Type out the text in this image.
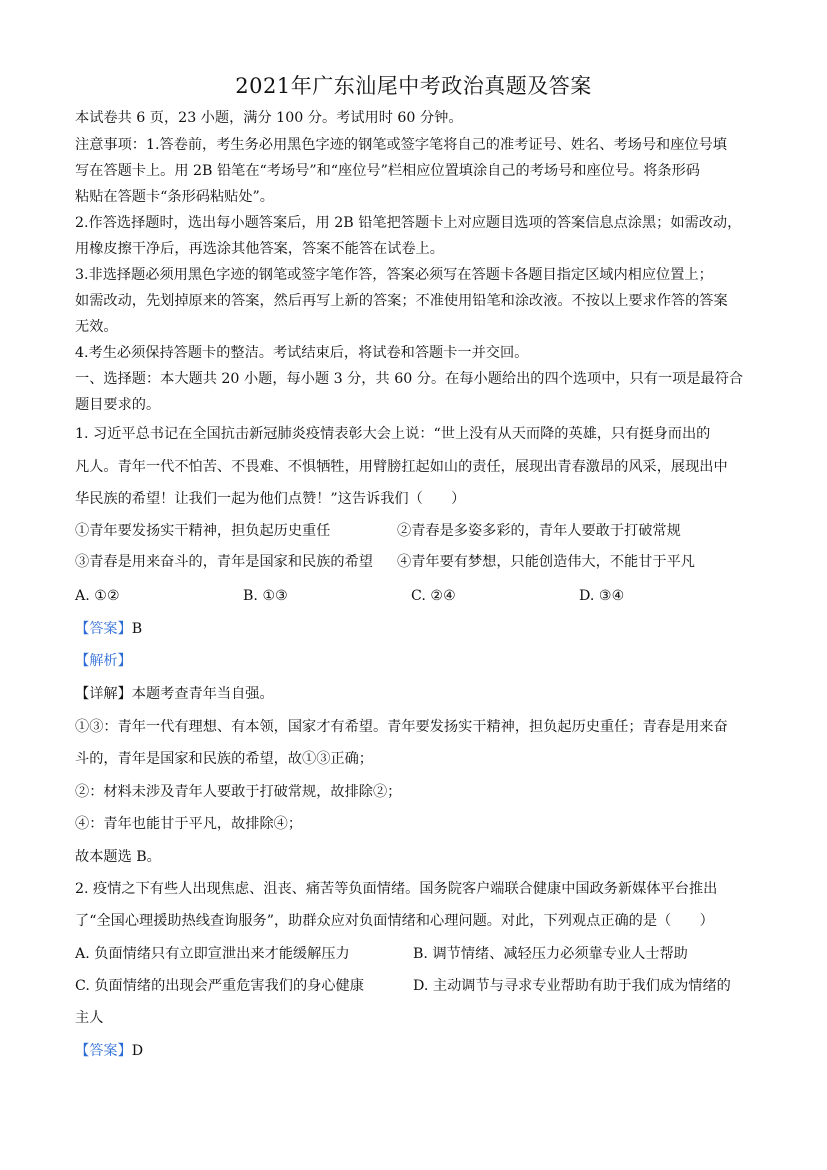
2021年广东汕尾中考政治真题及答案
本试卷共 6 页，23 小题，满分 100 分。考试用时 60 分钟。
注意事项：1.答卷前，考生务必用黑色字迹的钢笔或签字笔将自己的准考证号、姓名、考场号和座位号填
写在答题卡上。用 2B 铅笔在“考场号”和“座位号”栏相应位置填涂自己的考场号和座位号。将条形码
粘贴在答题卡“条形码粘贴处”。
2.作答选择题时，选出每小题答案后，用 2B 铅笔把答题卡上对应题目选项的答案信息点涂黑；如需改动，
用橡皮擦干净后，再选涂其他答案，答案不能答在试卷上。
3.非选择题必须用黑色字迹的钢笔或签字笔作答，答案必须写在答题卡各题目指定区域内相应位置上；
如需改动，先划掉原来的答案，然后再写上新的答案；不准使用铅笔和涂改液。不按以上要求作答的答案
无效。
4.考生必须保持答题卡的整洁。考试结束后，将试卷和答题卡一并交回。
一、选择题：本大题共 20 小题，每小题 3 分，共 60 分。在每小题给出的四个选项中，只有一项是最符合
题目要求的。
1. 习近平总书记在全国抗击新冠肺炎疫情表彰大会上说：“世上没有从天而降的英雄，只有挺身而出的
凡人。青年一代不怕苦、不畏难、不惧牺牲，用臂膀扛起如山的责任，展现出青春激昂的风采，展现出中
华民族的希望！让我们一起为他们点赞！”这告诉我们（　　）
①青年要发扬实干精神，担负起历史重任	②青春是多姿多彩的，青年人要敢于打破常规
③青春是用来奋斗的，青年是国家和民族的希望 ④青年要有梦想，只能创造伟大，不能甘于平凡
A. ①②	B. ①③	C. ②④	D. ③④
【答案】B
【解析】
【详解】本题考查青年当自强。
①③：青年一代有理想、有本领，国家才有希望。青年要发扬实干精神，担负起历史重任；青春是用来奋
斗的，青年是国家和民族的希望，故①③正确；
②：材料未涉及青年人要敢于打破常规，故排除②；
④：青年也能甘于平凡，故排除④；
故本题选 B。
2. 疫情之下有些人出现焦虑、沮丧、痛苦等负面情绪。国务院客户端联合健康中国政务新媒体平台推出
了“全国心理援助热线查询服务”，助群众应对负面情绪和心理问题。对此，下列观点正确的是（　　）
A. 负面情绪只有立即宣泄出来才能缓解压力	B. 调节情绪、减轻压力必须靠专业人士帮助
C. 负面情绪的出现会严重危害我们的身心健康	D. 主动调节与寻求专业帮助有助于我们成为情绪的
主人
【答案】D
